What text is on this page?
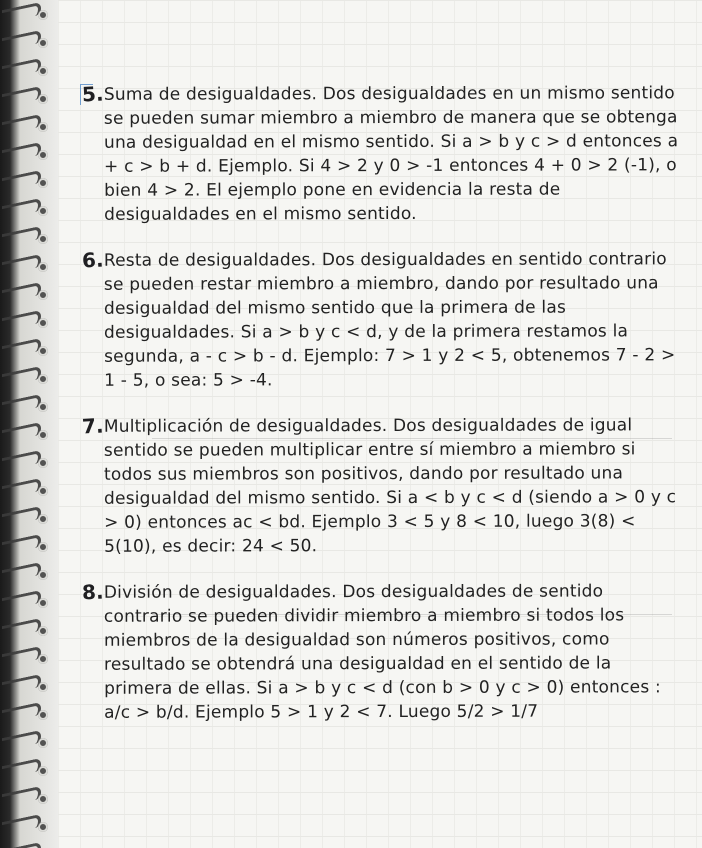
5. Suma de desigualdades. Dos desigualdades en un mismo sentido se pueden sumar miembro a miembro de manera que se obtenga una desigualdad en el mismo sentido. Si a > b y c > d entonces a + c > b + d. Ejemplo. Si 4 > 2 y 0 > -1 entonces 4 + 0 > 2 (-1), o bien 4 > 2. El ejemplo pone en evidencia la resta de desigualdades en el mismo sentido.
6. Resta de desigualdades. Dos desigualdades en sentido contrario se pueden restar miembro a miembro, dando por resultado una desigualdad del mismo sentido que la primera de las desigualdades. Si a > b y c < d, y de la primera restamos la segunda, a - c > b - d. Ejemplo: 7 > 1 y 2 < 5, obtenemos 7 - 2 > 1 - 5, o sea: 5 > -4.
7. Multiplicación de desigualdades. Dos desigualdades de igual sentido se pueden multiplicar entre sí miembro a miembro si todos sus miembros son positivos, dando por resultado una desigualdad del mismo sentido. Si a < b y c < d (siendo a > 0 y c > 0) entonces ac < bd. Ejemplo 3 < 5 y 8 < 10, luego 3(8) < 5(10), es decir: 24 < 50.
8. División de desigualdades. Dos desigualdades de sentido contrario se pueden dividir miembro a miembro si todos los miembros de la desigualdad son números positivos, como resultado se obtendrá una desigualdad en el sentido de la primera de ellas. Si a > b y c < d (con b > 0 y c > 0) entonces : a/c > b/d. Ejemplo 5 > 1 y 2 < 7. Luego 5/2 > 1/7
